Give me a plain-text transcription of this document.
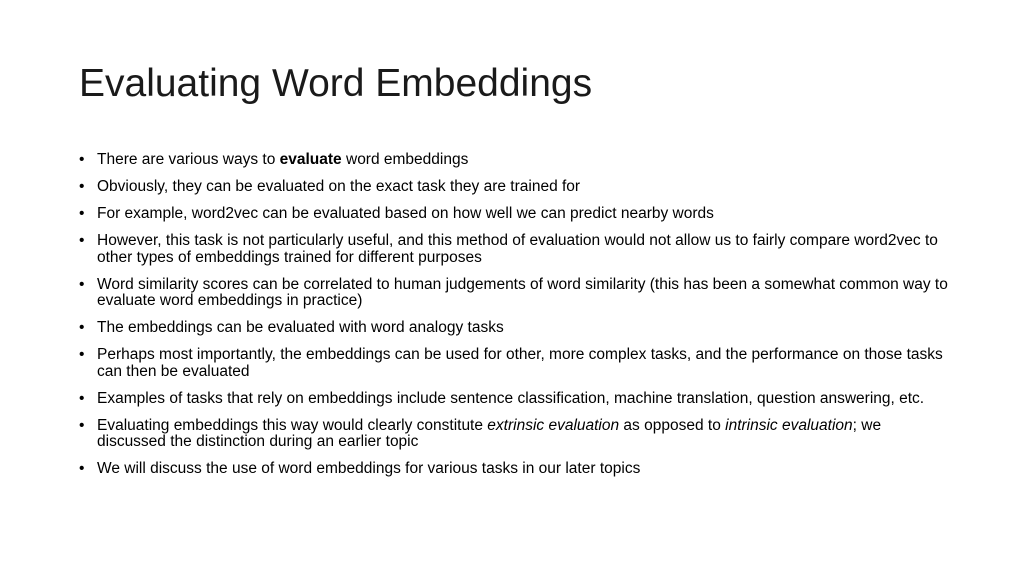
Evaluating Word Embeddings
• There are various ways to evaluate word embeddings
• Obviously, they can be evaluated on the exact task they are trained for
• For example, word2vec can be evaluated based on how well we can predict nearby words
• However, this task is not particularly useful, and this method of evaluation would not allow us to fairly compare word2vec to other types of embeddings trained for different purposes
• Word similarity scores can be correlated to human judgements of word similarity (this has been a somewhat common way to evaluate word embeddings in practice)
• The embeddings can be evaluated with word analogy tasks
• Perhaps most importantly, the embeddings can be used for other, more complex tasks, and the performance on those tasks can then be evaluated
• Examples of tasks that rely on embeddings include sentence classification, machine translation, question answering, etc.
• Evaluating embeddings this way would clearly constitute extrinsic evaluation as opposed to intrinsic evaluation; we discussed the distinction during an earlier topic
• We will discuss the use of word embeddings for various tasks in our later topics
